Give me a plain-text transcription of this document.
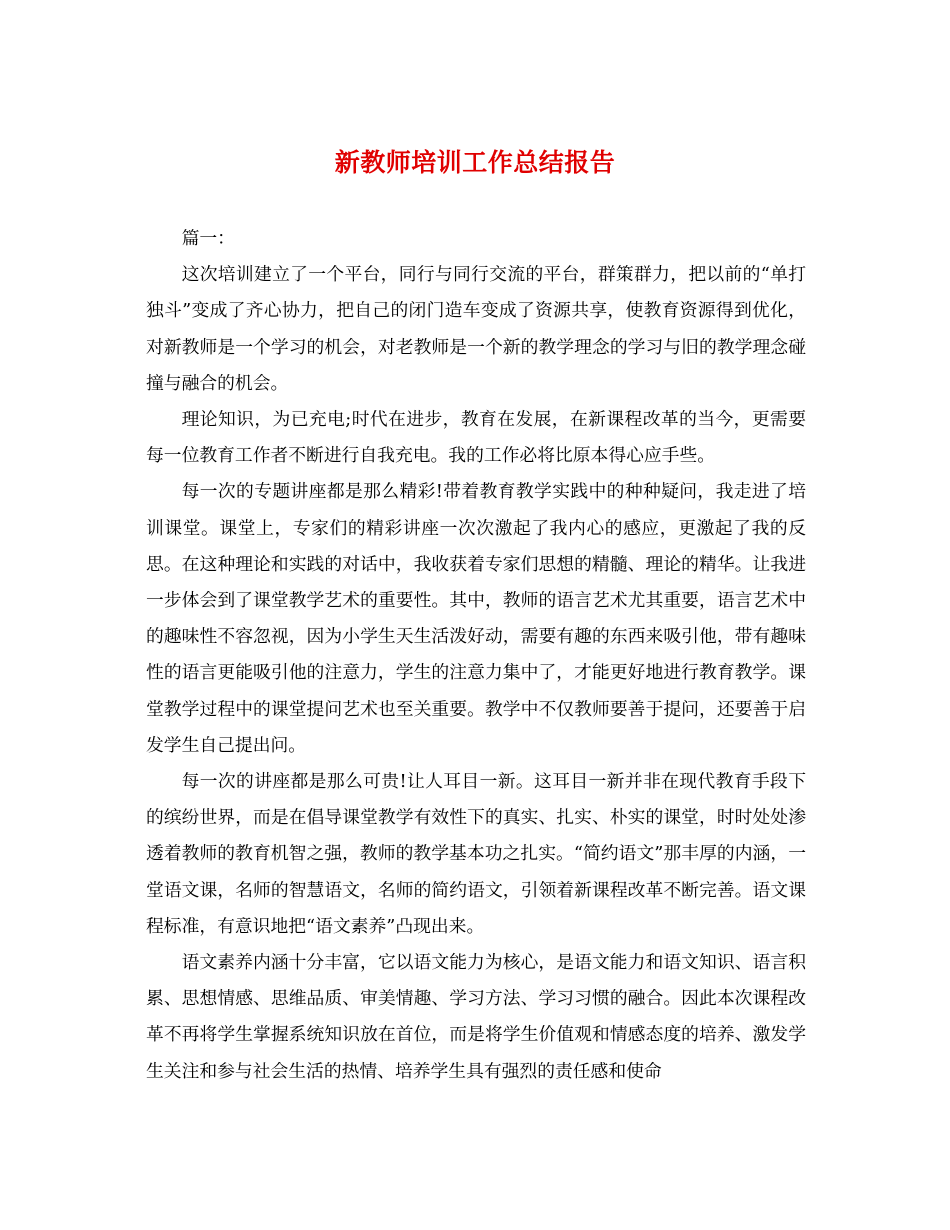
新教师培训工作总结报告

篇一：

这次培训建立了一个平台，同行与同行交流的平台，群策群力，把以前的“单打独斗”变成了齐心协力，把自己的闭门造车变成了资源共享，使教育资源得到优化，对新教师是一个学习的机会，对老教师是一个新的教学理念的学习与旧的教学理念碰撞与融合的机会。

理论知识，为已充电;时代在进步，教育在发展，在新课程改革的当今，更需要每一位教育工作者不断进行自我充电。我的工作必将比原本得心应手些。

每一次的专题讲座都是那么精彩!带着教育教学实践中的种种疑问，我走进了培训课堂。课堂上，专家们的精彩讲座一次次激起了我内心的感应，更激起了我的反思。在这种理论和实践的对话中，我收获着专家们思想的精髓、理论的精华。让我进一步体会到了课堂教学艺术的重要性。其中，教师的语言艺术尤其重要，语言艺术中的趣味性不容忽视，因为小学生天生活泼好动，需要有趣的东西来吸引他，带有趣味性的语言更能吸引他的注意力，学生的注意力集中了，才能更好地进行教育教学。课堂教学过程中的课堂提问艺术也至关重要。教学中不仅教师要善于提问，还要善于启发学生自己提出问。

每一次的讲座都是那么可贵!让人耳目一新。这耳目一新并非在现代教育手段下的缤纷世界，而是在倡导课堂教学有效性下的真实、扎实、朴实的课堂，时时处处渗透着教师的教育机智之强，教师的教学基本功之扎实。“简约语文”那丰厚的内涵，一堂语文课，名师的智慧语文，名师的简约语文，引领着新课程改革不断完善。语文课程标准，有意识地把“语文素养”凸现出来。

语文素养内涵十分丰富，它以语文能力为核心，是语文能力和语文知识、语言积累、思想情感、思维品质、审美情趣、学习方法、学习习惯的融合。因此本次课程改革不再将学生掌握系统知识放在首位，而是将学生价值观和情感态度的培养、激发学生关注和参与社会生活的热情、培养学生具有强烈的责任感和使命
